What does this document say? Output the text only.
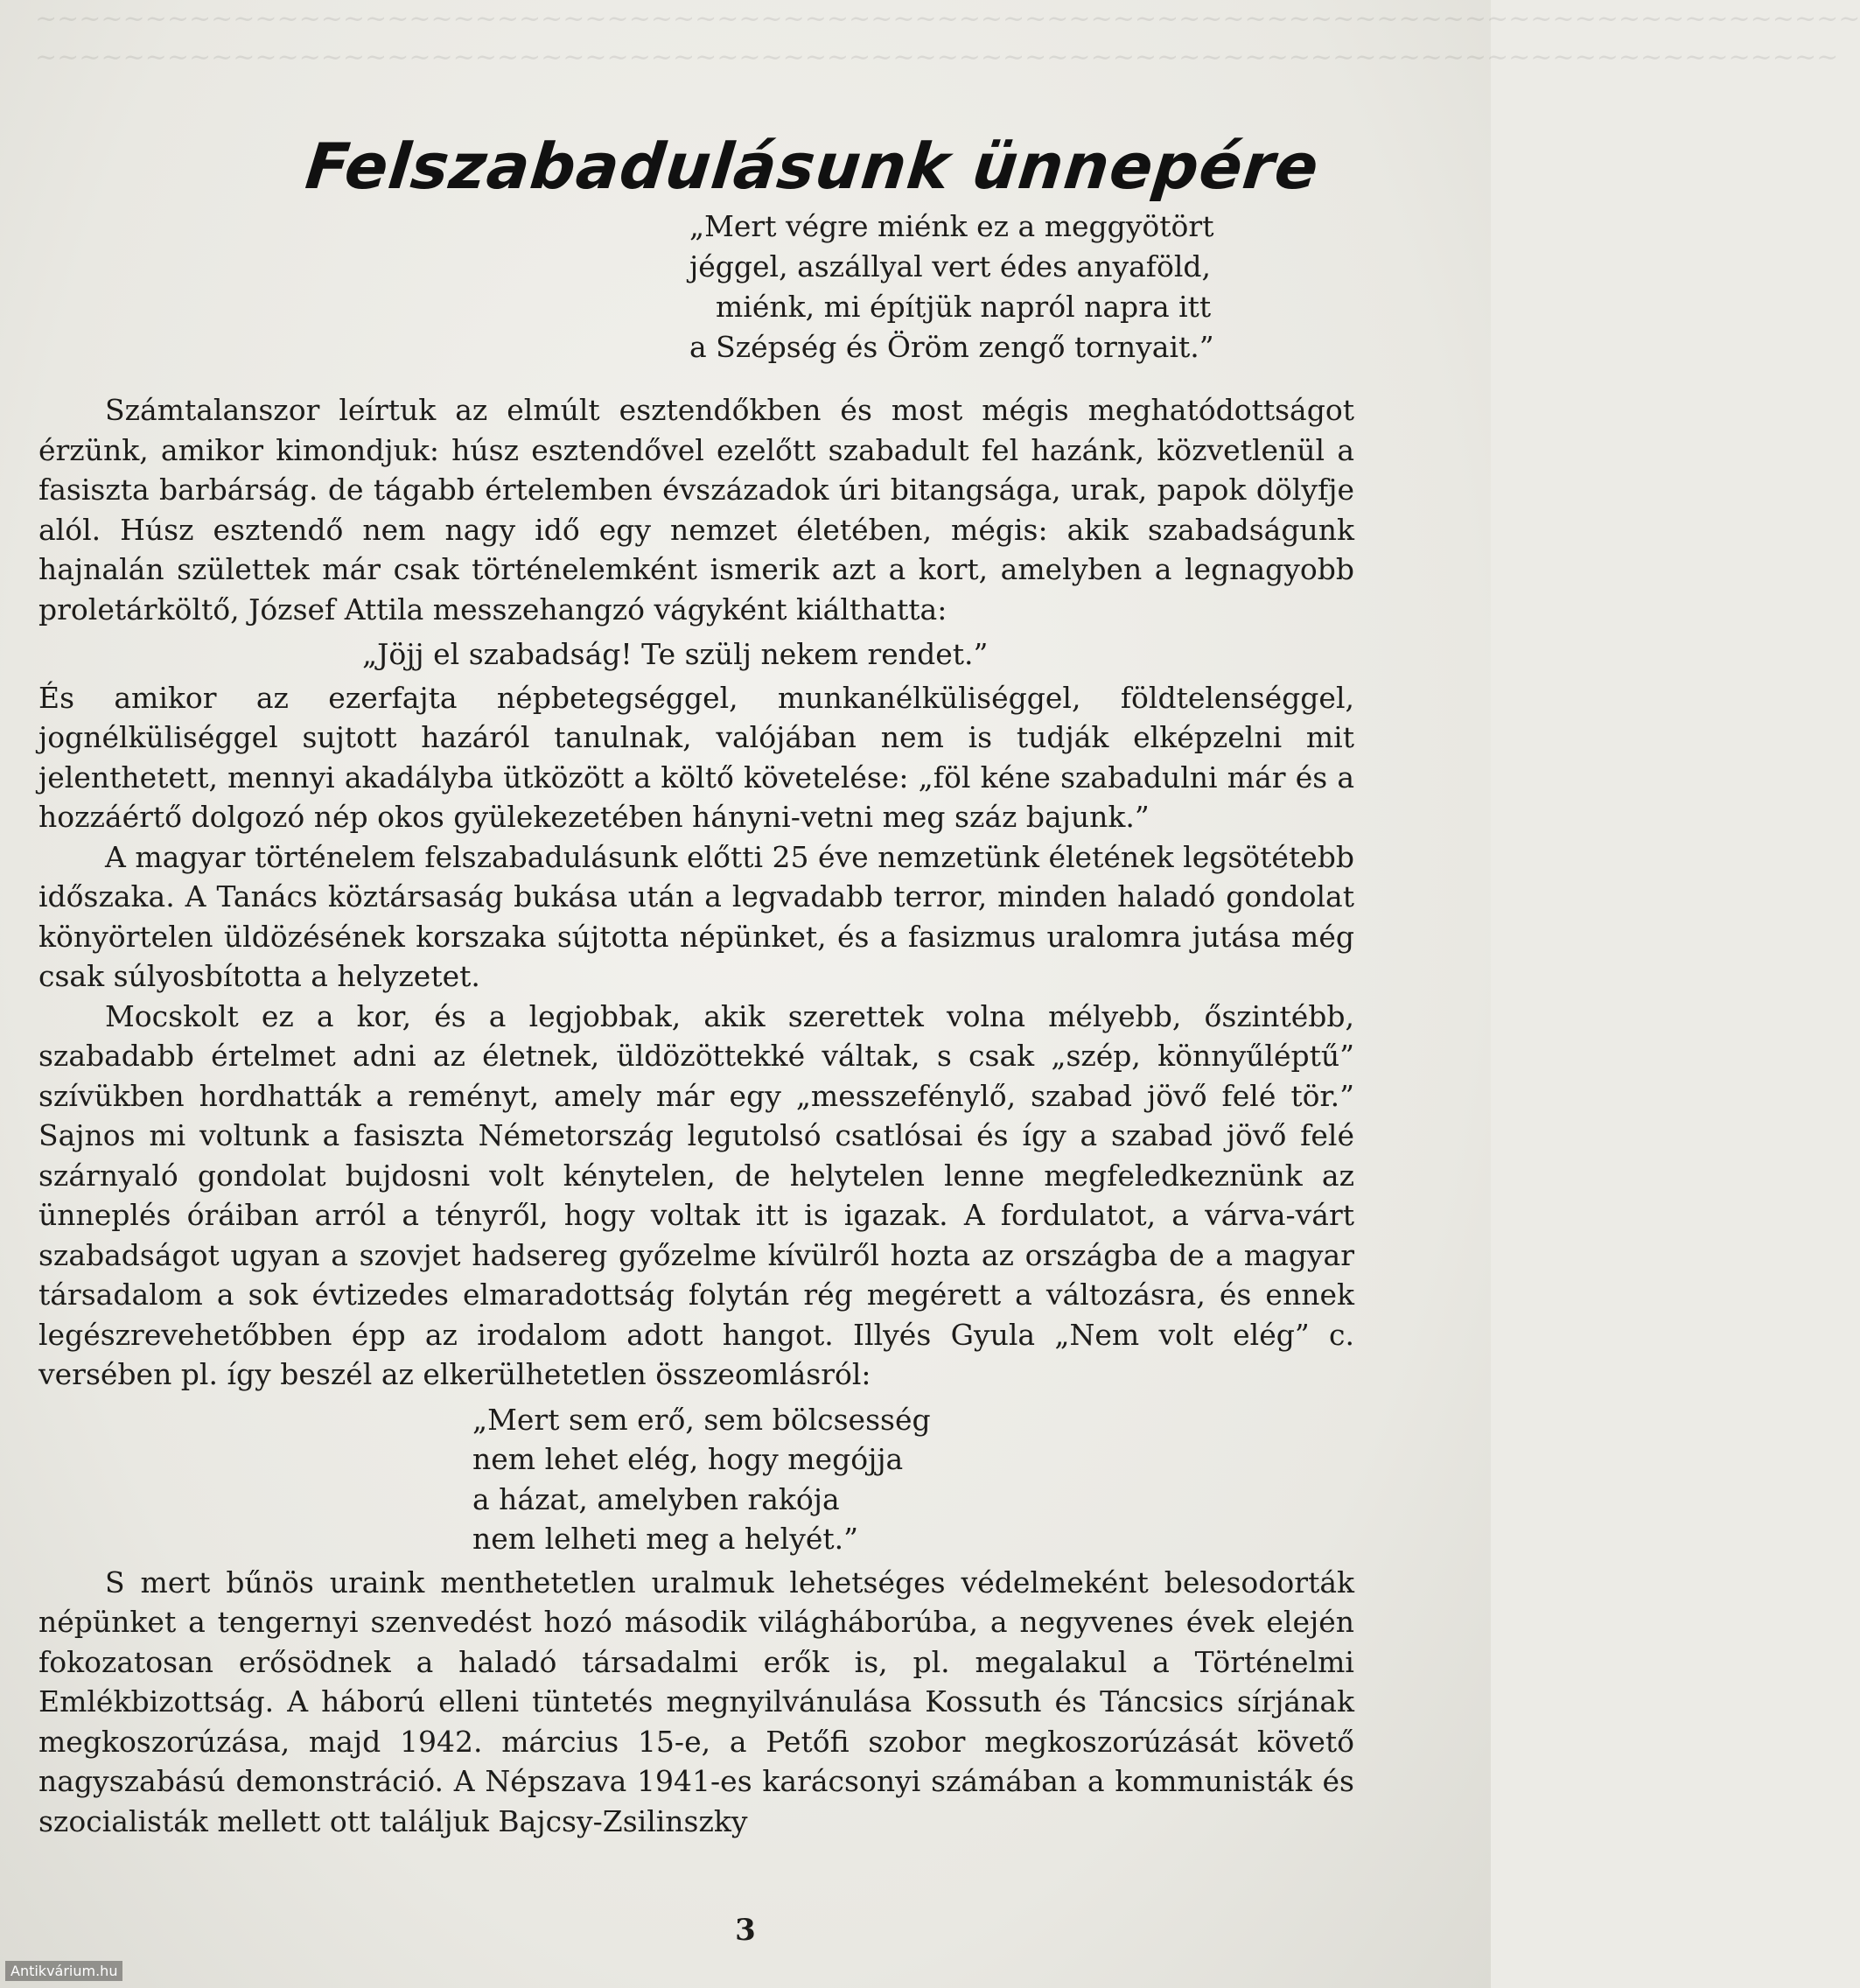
~~~~~~~~~~~~~~~~~~~~~~~~~~~~~~~~~~~~~~~~~~~~~~~~~~~~~~~~~~~~~~~~~~~~~~~~~~~~~~~~~~~
~~~~~~~~~~~~~~~~~~~~~~~~~~~~~~~~~~~~~~~~~~~~~~~~~~~~~~~~~~~~~~~~~~~~~~~~~~~~~~~~~~
Felszabadulásunk ünnepére
„Mert végre miénk ez a meggyötört
jéggel, aszállyal vert édes anyaföld,
miénk, mi építjük napról napra itt
a Szépség és Öröm zengő tornyait.”

Számtalanszor leírtuk az elmúlt esztendőkben és most mégis meghatódottságot érzünk, amikor kimondjuk: húsz esztendővel ezelőtt szabadult fel hazánk, közvetlenül a fasiszta barbárság. de tágabb értelemben évszázadok úri bitangsága, urak, papok dölyfje alól. Húsz esztendő nem nagy idő egy nemzet életében, mégis: akik szabadságunk hajnalán születtek már csak történelemként ismerik azt a kort, amelyben a legnagyobb proletárköltő, József Attila messzehangzó vágyként kiálthatta:

„Jöjj el szabadság! Te szülj nekem rendet.”

És amikor az ezerfajta népbetegséggel, munkanélküliséggel, földtelenséggel, jognélküliséggel sujtott hazáról tanulnak, valójában nem is tudják elképzelni mit jelenthetett, mennyi akadályba ütközött a költő követelése: „föl kéne szabadulni már és a hozzáértő dolgozó nép okos gyülekezetében hányni-vetni meg száz bajunk.”

A magyar történelem felszabadulásunk előtti 25 éve nemzetünk életének legsötétebb időszaka. A Tanács köztársaság bukása után a legvadabb terror, minden haladó gondolat könyörtelen üldözésének korszaka sújtotta népünket, és a fasizmus uralomra jutása még csak súlyosbította a helyzetet.

Mocskolt ez a kor, és a legjobbak, akik szerettek volna mélyebb, őszintébb, szabadabb értelmet adni az életnek, üldözöttekké váltak, s csak „szép, könnyűléptű” szívükben hordhatták a reményt, amely már egy „messzefénylő, szabad jövő felé tör.” Sajnos mi voltunk a fasiszta Németország legutolsó csatlósai és így a szabad jövő felé szárnyaló gondolat bujdosni volt kénytelen, de helytelen lenne megfeledkeznünk az ünneplés óráiban arról a tényről, hogy voltak itt is igazak. A fordulatot, a várva-várt szabadságot ugyan a szovjet hadsereg győzelme kívülről hozta az országba de a magyar társadalom a sok évtizedes elmaradottság folytán rég megérett a változásra, és ennek legészrevehetőbben épp az irodalom adott hangot. Illyés Gyula „Nem volt elég” c. versében pl. így beszél az elkerülhetetlen összeomlásról:

„Mert sem erő, sem bölcsesség
nem lehet elég, hogy megójja
a házat, amelyben rakója
nem lelheti meg a helyét.”

S mert bűnös uraink menthetetlen uralmuk lehetséges védelmeként belesodorták népünket a tengernyi szenvedést hozó második világháborúba, a negyvenes évek elején fokozatosan erősödnek a haladó társadalmi erők is, pl. megalakul a Történelmi Emlékbizottság. A háború elleni tüntetés megnyilvánulása Kossuth és Táncsics sírjának megkoszorúzása, majd 1942. március 15-e, a Petőfi szobor megkoszorúzását követő nagyszabású demonstráció. A Népszava 1941-es karácsonyi számában a kommunisták és szocialisták mellett ott találjuk Bajcsy-Zsilinszky

3
Antikvárium.hu
